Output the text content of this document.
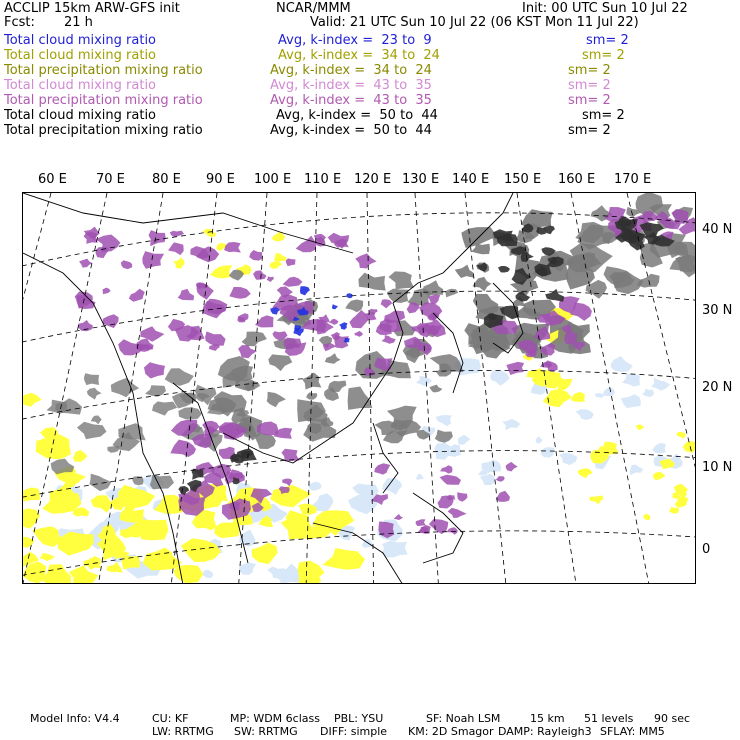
ACCLIP 15km ARW-GFS init	NCAR/MMM	Init: 00 UTC Sun 10 Jul 22
Fcst: 21 h	Valid: 21 UTC Sun 10 Jul 22 (06 KST Mon 11 Jul 22)
Total cloud mixing ratio	Avg, k-index =  23 to  9	sm= 2
Total cloud mixing ratio	Avg, k-index =  34 to  24	sm= 2
Total precipitation mixing ratio	Avg, k-index =  34 to  24	sm= 2
Total cloud mixing ratio	Avg, k-index =  43 to  35	sm= 2
Total precipitation mixing ratio	Avg, k-index =  43 to  35	sm= 2
Total cloud mixing ratio	Avg, k-index =  50 to  44	sm= 2
Total precipitation mixing ratio	Avg, k-index =  50 to  44	sm= 2
60 E 70 E 80 E 90 E 100 E 110 E 120 E 130 E 140 E 150 E 160 E 170 E
40 N
30 N
20 N
10 N
0
Model Info: V4.4	CU: KF	MP: WDM 6class PBL: YSU	SF: Noah LSM	15 km 51 levels 90 sec
LW: RRTMG SW: RRTMG DIFF: simple KM: 2D Smagor DAMP: Rayleigh3 SFLAY: MM5
